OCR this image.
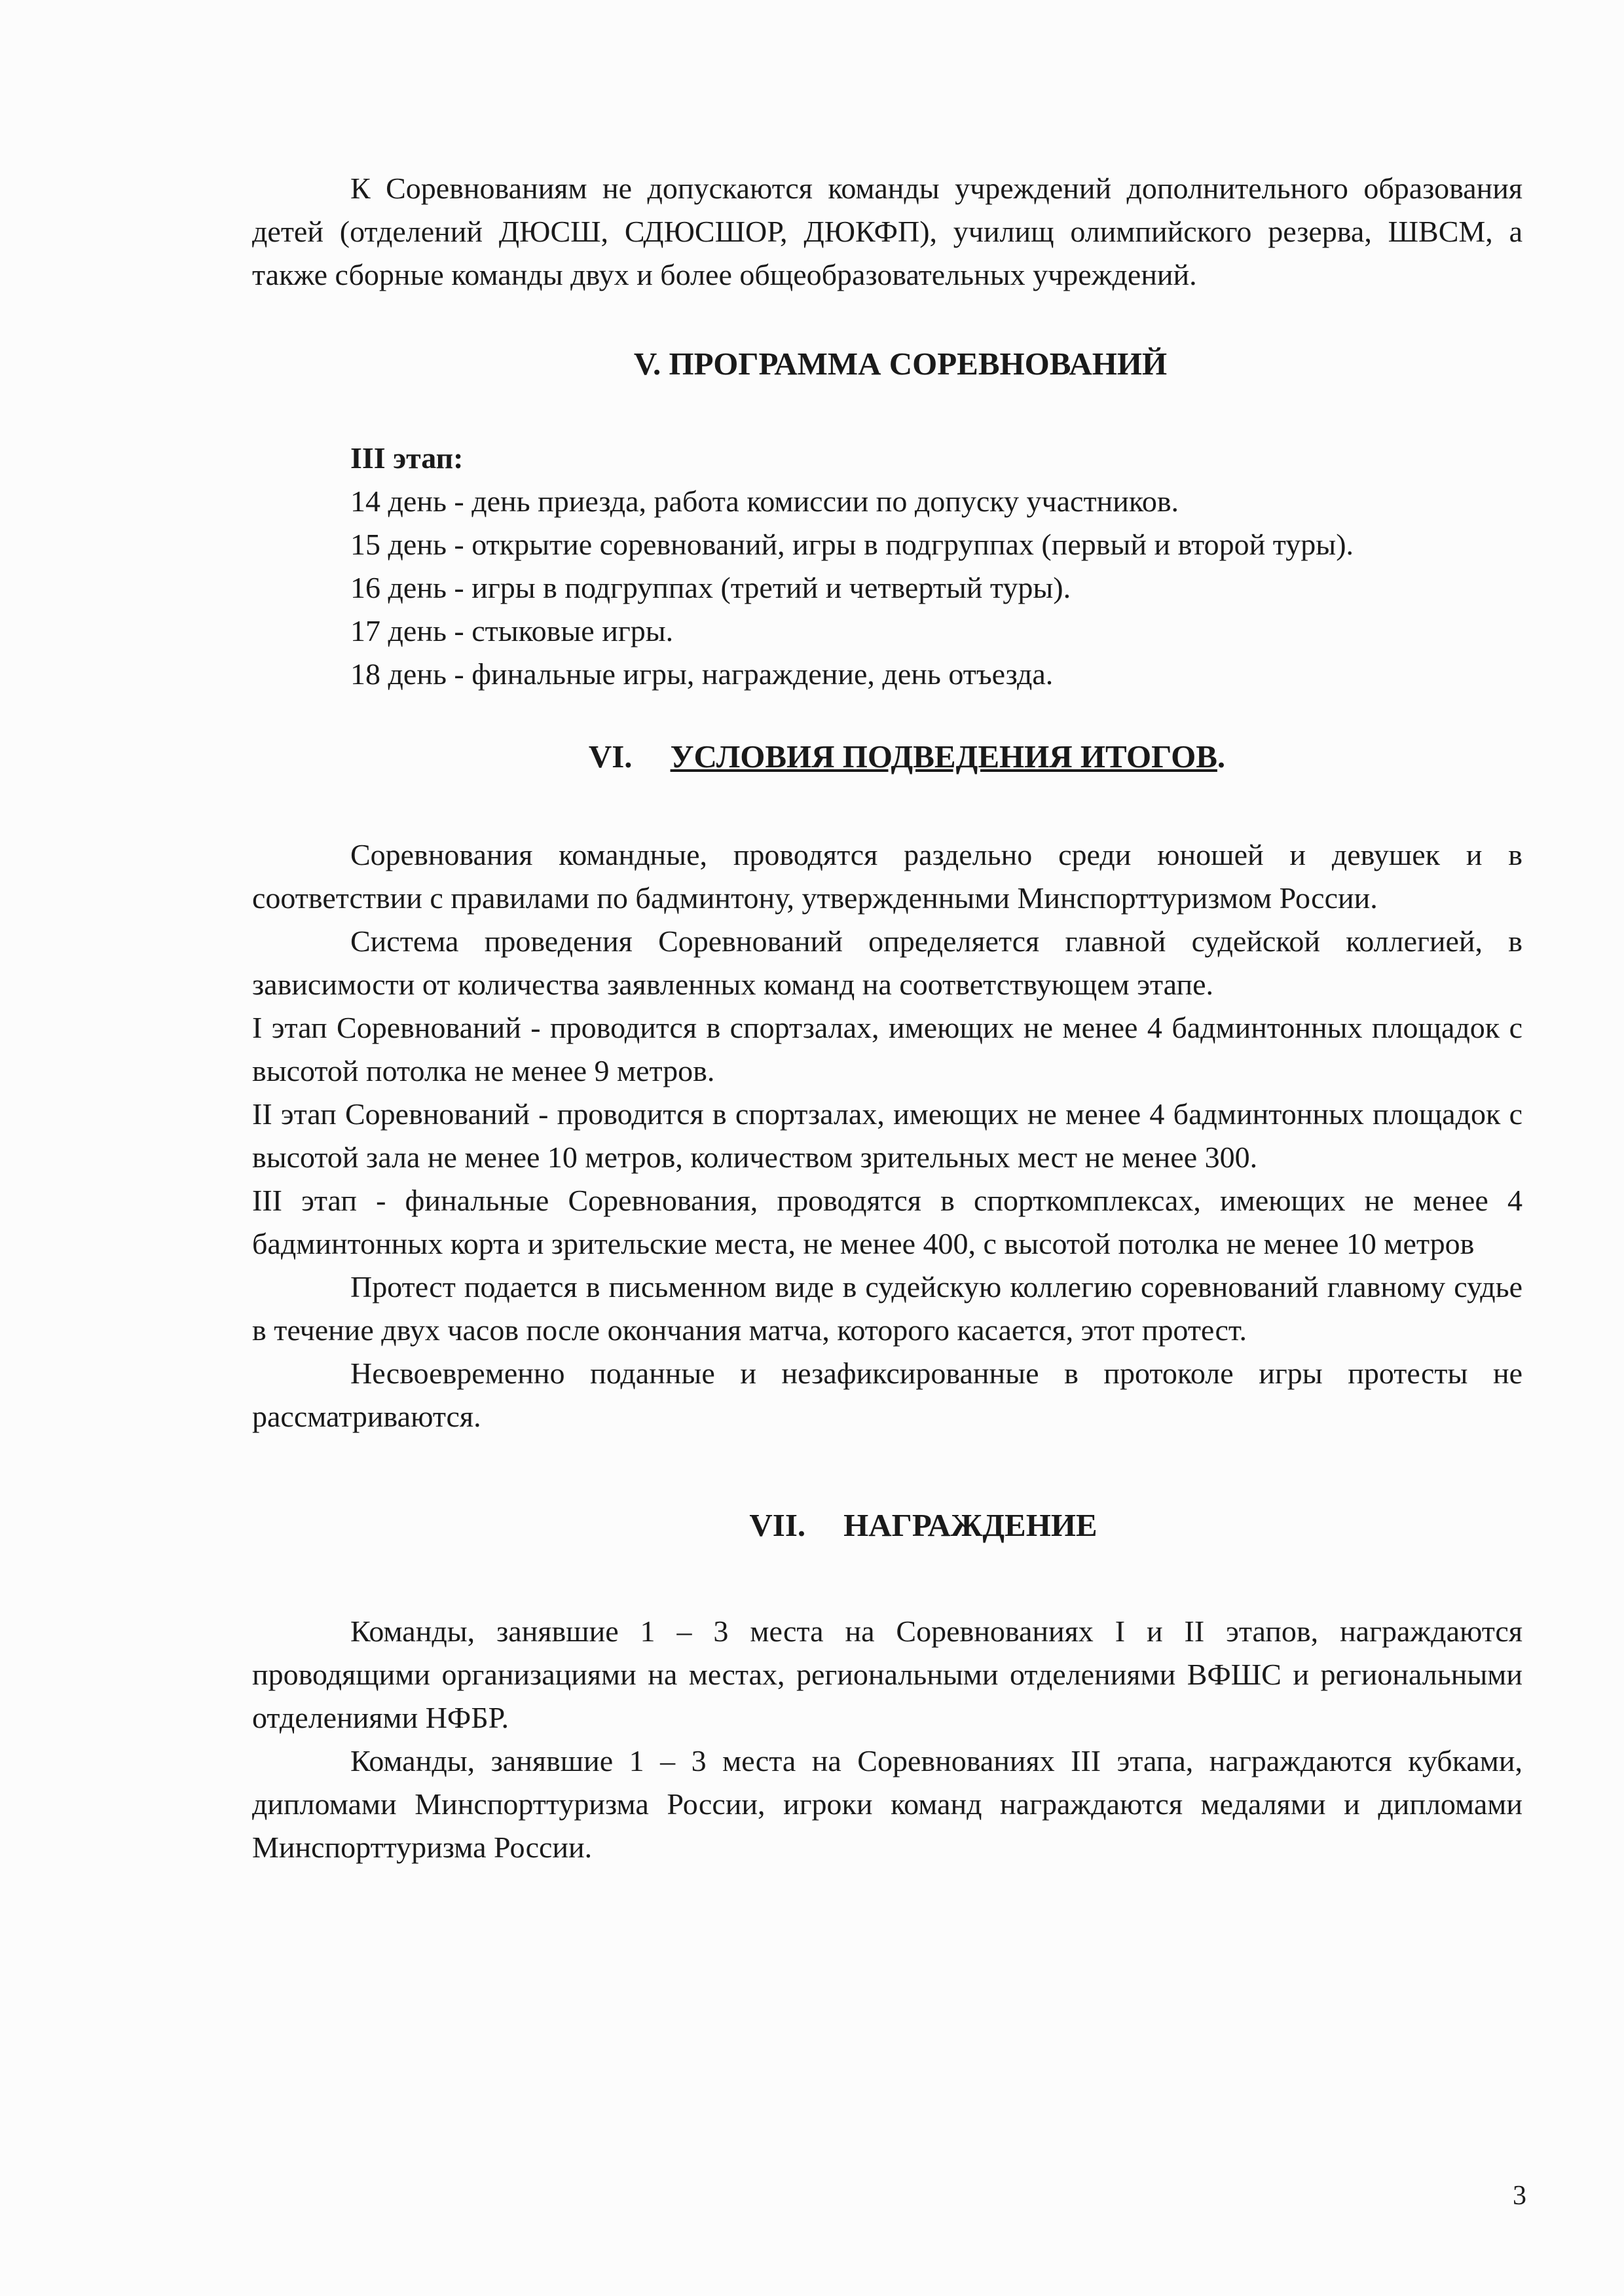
К Соревнованиям не допускаются команды учреждений дополнительного образования детей (отделений ДЮСШ, СДЮСШОР, ДЮКФП), училищ олимпийского резерва, ШВСМ, а также сборные команды двух и более общеобразовательных учреждений.

V. ПРОГРАММА СОРЕВНОВАНИЙ

III этап:

14 день - день приезда, работа комиссии по допуску участников.

15 день - открытие соревнований, игры в подгруппах (первый и второй туры).

16 день - игры в подгруппах (третий и четвертый туры).

17 день - стыковые игры.

18 день - финальные игры, награждение, день отъезда.

VI. УСЛОВИЯ ПОДВЕДЕНИЯ ИТОГОВ.

Соревнования командные, проводятся раздельно среди юношей и девушек и в соответствии с правилами по бадминтону, утвержденными Минспорттуризмом России.

Система проведения Соревнований определяется главной судейской коллегией, в зависимости от количества заявленных команд на соответствующем этапе.

I этап Соревнований - проводится в спортзалах, имеющих не менее 4 бадминтонных площадок с высотой потолка не менее 9 метров.

II этап Соревнований - проводится в спортзалах, имеющих не менее 4 бадминтонных площадок с высотой зала не менее 10 метров, количеством зрительных мест не менее 300.

III этап - финальные Соревнования, проводятся в спорткомплексах, имеющих не менее 4 бадминтонных корта и зрительские места, не менее 400, с высотой потолка не менее 10 метров

Протест подается в письменном виде в судейскую коллегию соревнований главному судье в течение двух часов после окончания матча, которого касается, этот протест.

Несвоевременно поданные и незафиксированные в протоколе игры протесты не рассматриваются.

VII. НАГРАЖДЕНИЕ

Команды, занявшие 1 – 3 места на Соревнованиях I и II этапов, награждаются проводящими организациями на местах, региональными отделениями ВФШС и региональными отделениями НФБР.

Команды, занявшие 1 – 3 места на Соревнованиях III этапа, награждаются кубками, дипломами Минспорттуризма России, игроки команд награждаются медалями и дипломами Минспорттуризма России.

3
